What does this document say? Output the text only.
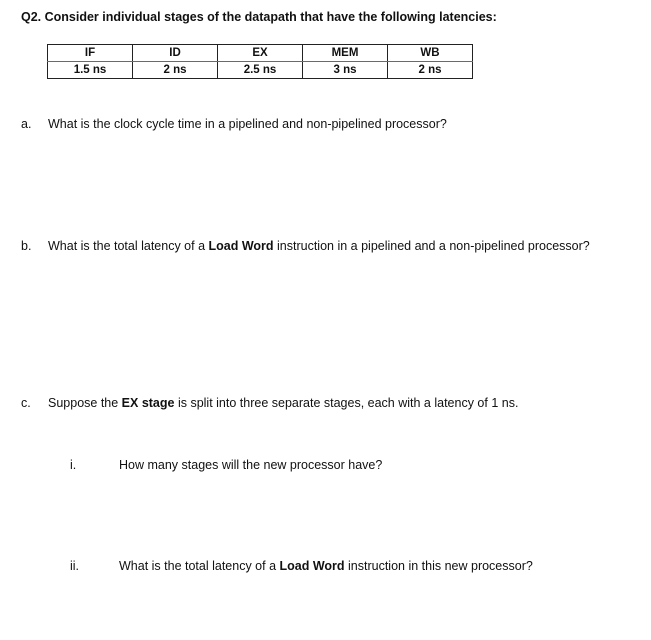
Q2. Consider individual stages of the datapath that have the following latencies:
IF	ID	EX	MEM	WB
1.5 ns	2 ns	2.5 ns	3 ns	2 ns
a. What is the clock cycle time in a pipelined and non-pipelined processor?
b. What is the total latency of a Load Word instruction in a pipelined and a non-pipelined processor?
c. Suppose the EX stage is split into three separate stages, each with a latency of 1 ns.
i.	How many stages will the new processor have?
ii.	What is the total latency of a Load Word instruction in this new processor?
